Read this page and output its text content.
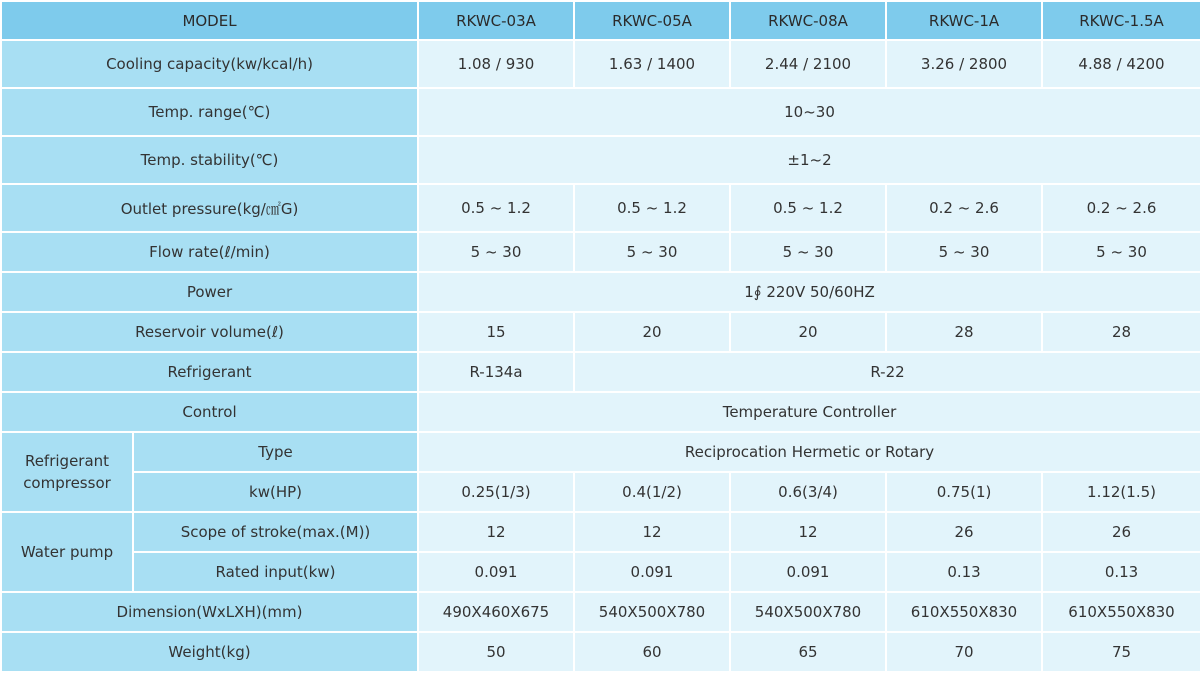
MODEL		RKWC-03A	RKWC-05A	RKWC-08A	RKWC-1A	RKWC-1.5A
Cooling capacity(kw/kcal/h)		1.08 / 930	1.63 / 1400	2.44 / 2100	3.26 / 2800	4.88 / 4200
Temp. range(℃)		10~30				
Temp. stability(℃)		±1~2				
Outlet pressure(kg/㎠G)		0.5 ~ 1.2	0.5 ~ 1.2	0.5 ~ 1.2	0.2 ~ 2.6	0.2 ~ 2.6
Flow rate(ℓ/min)		5 ~ 30	5 ~ 30	5 ~ 30	5 ~ 30	5 ~ 30
Power		1∮ 220V 50/60HZ				
Reservoir volume(ℓ)		15	20	20	28	28
Refrigerant		R-134a	R-22			
Control		Temperature Controller				
Refrigerant compressor	Type	Reciprocation Hermetic or Rotary				
	kw(HP)	0.25(1/3)	0.4(1/2)	0.6(3/4)	0.75(1)	1.12(1.5)
Water pump	Scope of stroke(max.(M))	12	12	12	26	26
	Rated input(kw)	0.091	0.091	0.091	0.13	0.13
Dimension(WxLXH)(mm)		490X460X675	540X500X780	540X500X780	610X550X830	610X550X830
Weight(kg)		50	60	65	70	75
